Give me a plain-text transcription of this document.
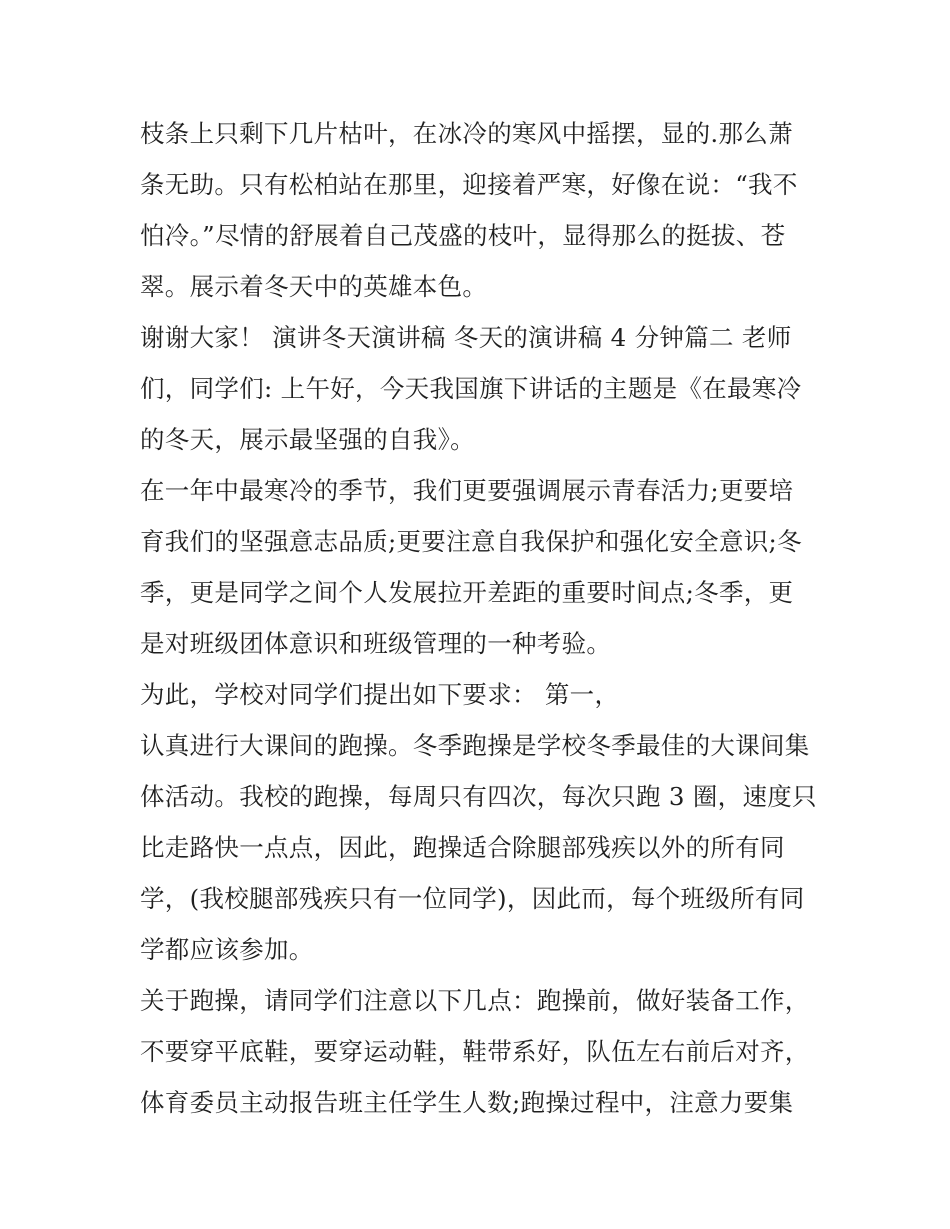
枝条上只剩下几片枯叶，在冰冷的寒风中摇摆，显的.那么萧
条无助。只有松柏站在那里，迎接着严寒，好像在说：“我不
怕冷。”尽情的舒展着自己茂盛的枝叶，显得那么的挺拔、苍
翠。展示着冬天中的英雄本色。
谢谢大家！ 演讲冬天演讲稿 冬天的演讲稿 4 分钟篇二 老师
们，同学们: 上午好，今天我国旗下讲话的主题是《在最寒冷
的冬天，展示最坚强的自我》。
在一年中最寒冷的季节，我们更要强调展示青春活力;更要培
育我们的坚强意志品质;更要注意自我保护和强化安全意识;冬
季，更是同学之间个人发展拉开差距的重要时间点;冬季，更
是对班级团体意识和班级管理的一种考验。
为此，学校对同学们提出如下要求： 第一，
认真进行大课间的跑操。冬季跑操是学校冬季最佳的大课间集
体活动。我校的跑操，每周只有四次，每次只跑 3 圈，速度只
比走路快一点点，因此，跑操适合除腿部残疾以外的所有同
学，(我校腿部残疾只有一位同学)，因此而，每个班级所有同
学都应该参加。
关于跑操，请同学们注意以下几点：跑操前，做好装备工作，
不要穿平底鞋，要穿运动鞋，鞋带系好，队伍左右前后对齐，
体育委员主动报告班主任学生人数;跑操过程中，注意力要集
